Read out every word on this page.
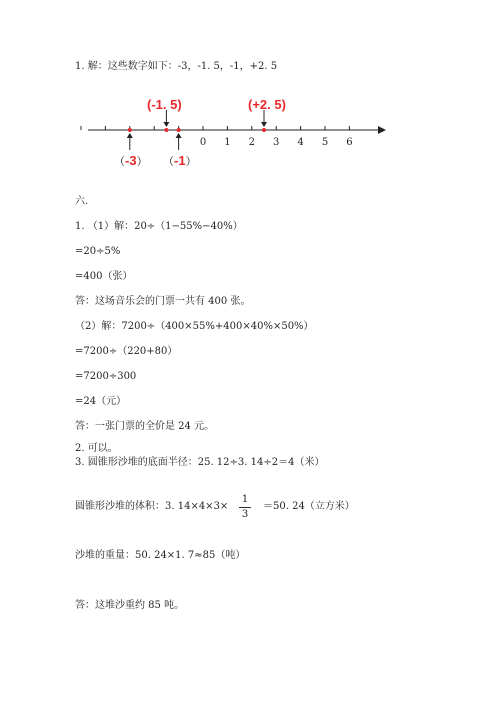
1. 解：这些数字如下：-3，-1. 5，-1，+2. 5
0 1 2 3 4 5 6
（-3）
(-1. 5)
（-1）
(+2. 5)
六.
1. （1）解：20÷（1−55%−40%）
=20÷5%
=400（张）
答：这场音乐会的门票一共有 400 张。
（2）解：7200÷（400×55%+400×40%×50%）
=7200÷（220+80）
=7200÷300
=24（元）
答：一张门票的全价是 24 元。
2. 可以。
3. 圆锥形沙堆的底面半径：25. 12÷3. 14÷2＝4（米）
圆锥形沙堆的体积：3. 14×4×3×
1
3
＝50. 24（立方米）
沙堆的重量：50. 24×1. 7≈85（吨）
答：这堆沙重约 85 吨。
